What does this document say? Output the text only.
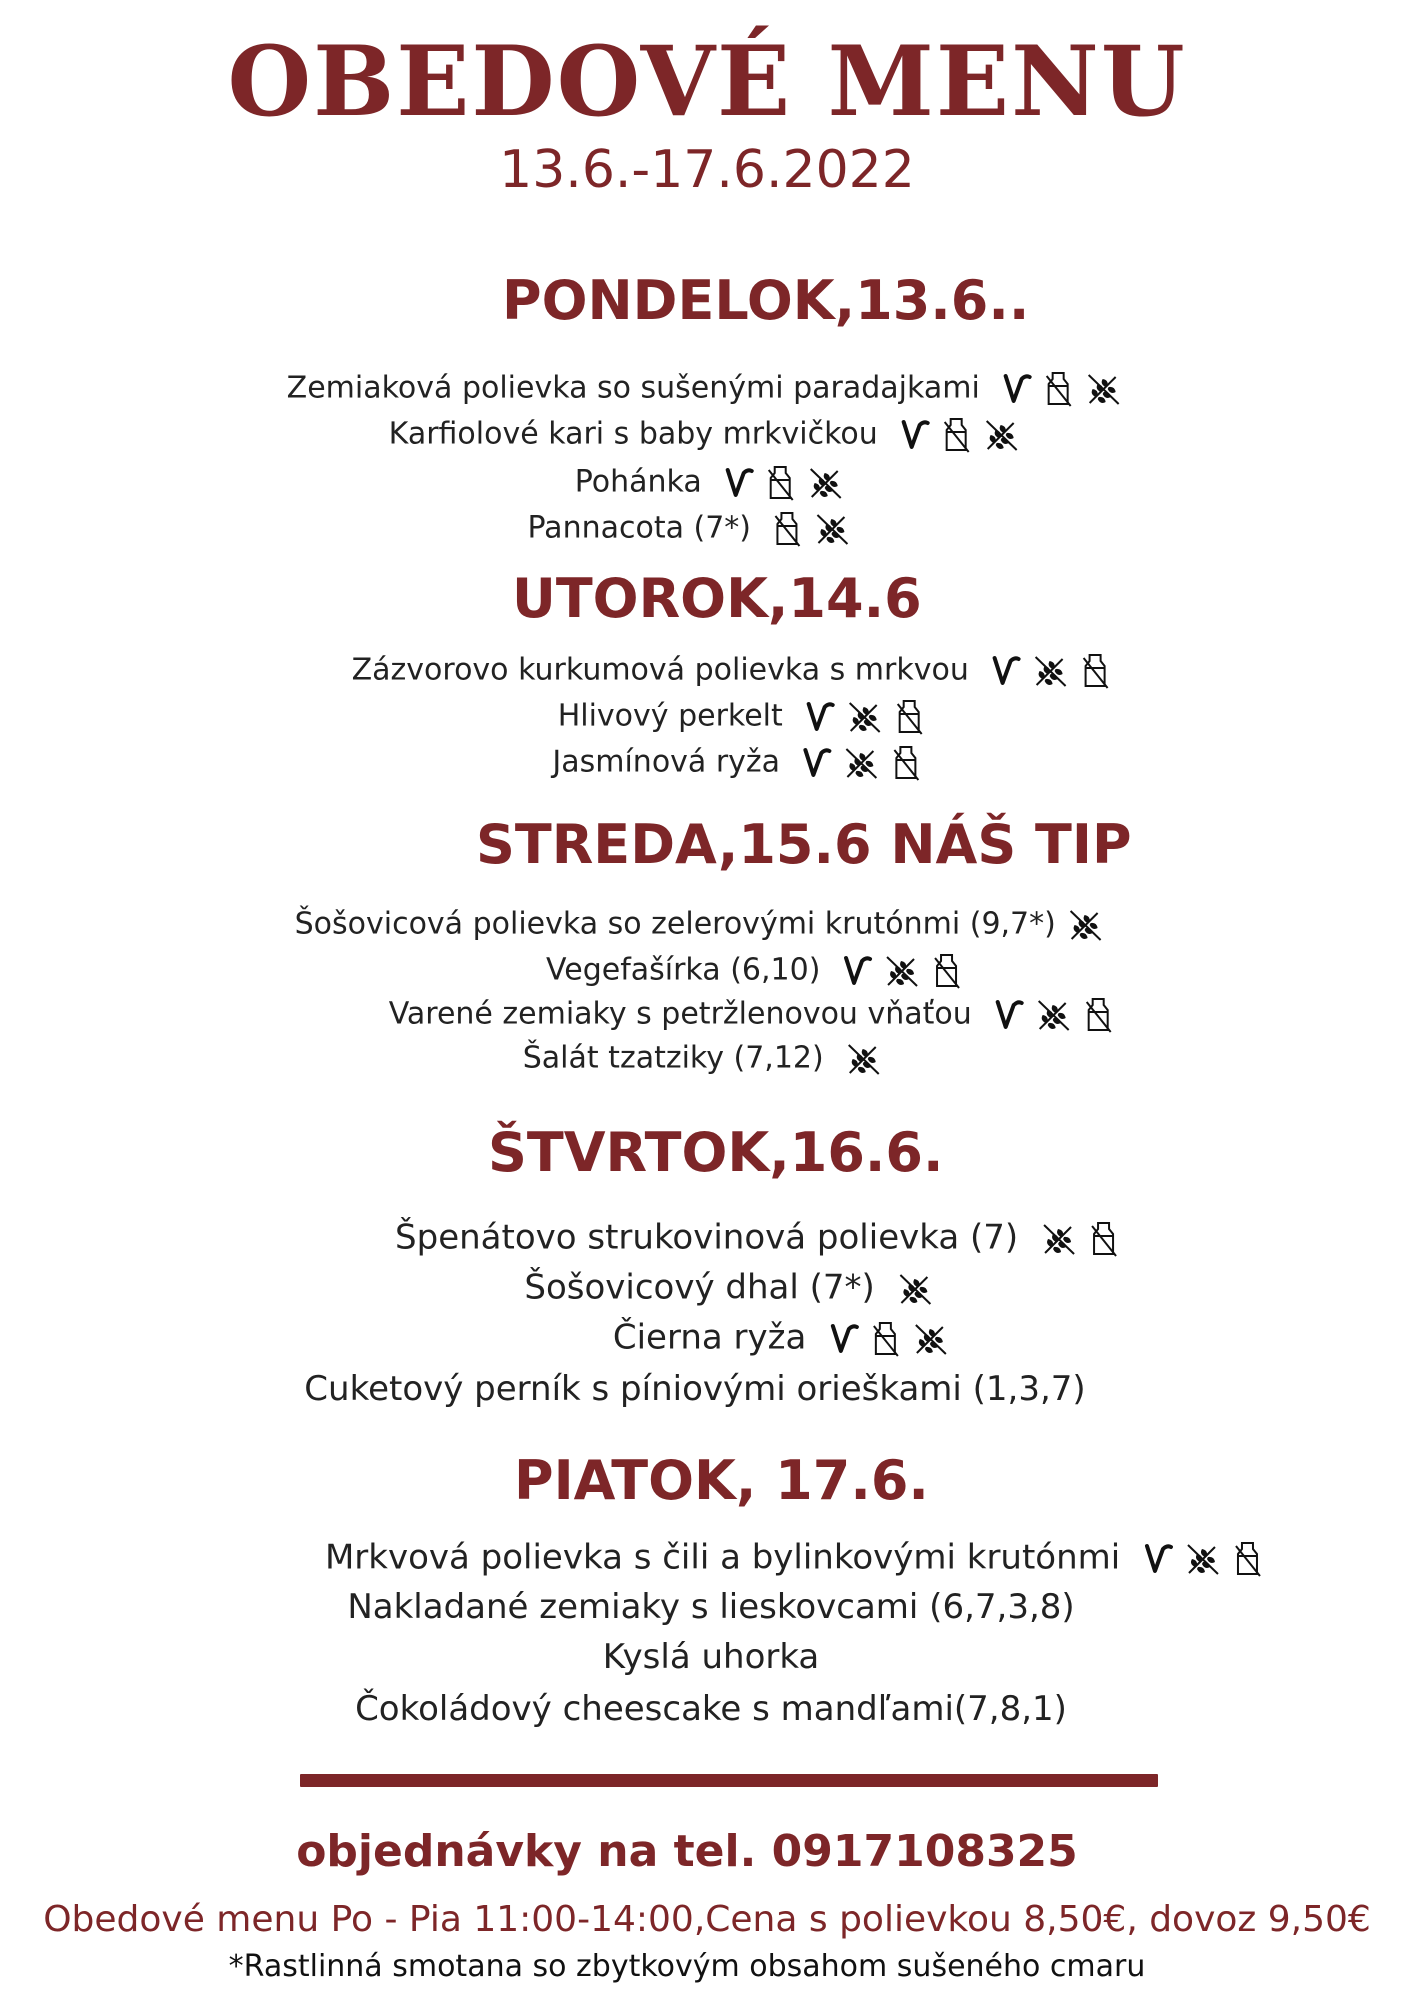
OBEDOVÉ MENU
13.6.-17.6.2022
PONDELOK,13.6..
Zemiaková polievka so sušenými paradajkami
Karfiolové kari s baby mrkvičkou
Pohánka
Pannacota (7*)
UTOROK,14.6
Zázvorovo kurkumová polievka s mrkvou
Hlivový perkelt
Jasmínová ryža
STREDA,15.6 NÁŠ TIP
Šošovicová polievka so zelerovými krutónmi (9,7*)
Vegefašírka (6,10)
Varené zemiaky s petržlenovou vňaťou
Šalát tzatziky (7,12)
ŠTVRTOK,16.6.
Špenátovo strukovinová polievka (7)
Šošovicový dhal (7*)
Čierna ryža
Cuketový perník s píniovými orieškami (1,3,7)
PIATOK, 17.6.
Mrkvová polievka s čili a bylinkovými krutónmi
Nakladané zemiaky s lieskovcami (6,7,3,8)
Kyslá uhorka
Čokoládový cheescake s mandľami(7,8,1)
objednávky na tel. 0917108325
Obedové menu Po - Pia 11:00-14:00,Cena s polievkou 8,50€, dovoz 9,50€
*Rastlinná smotana so zbytkovým obsahom sušeného cmaru
